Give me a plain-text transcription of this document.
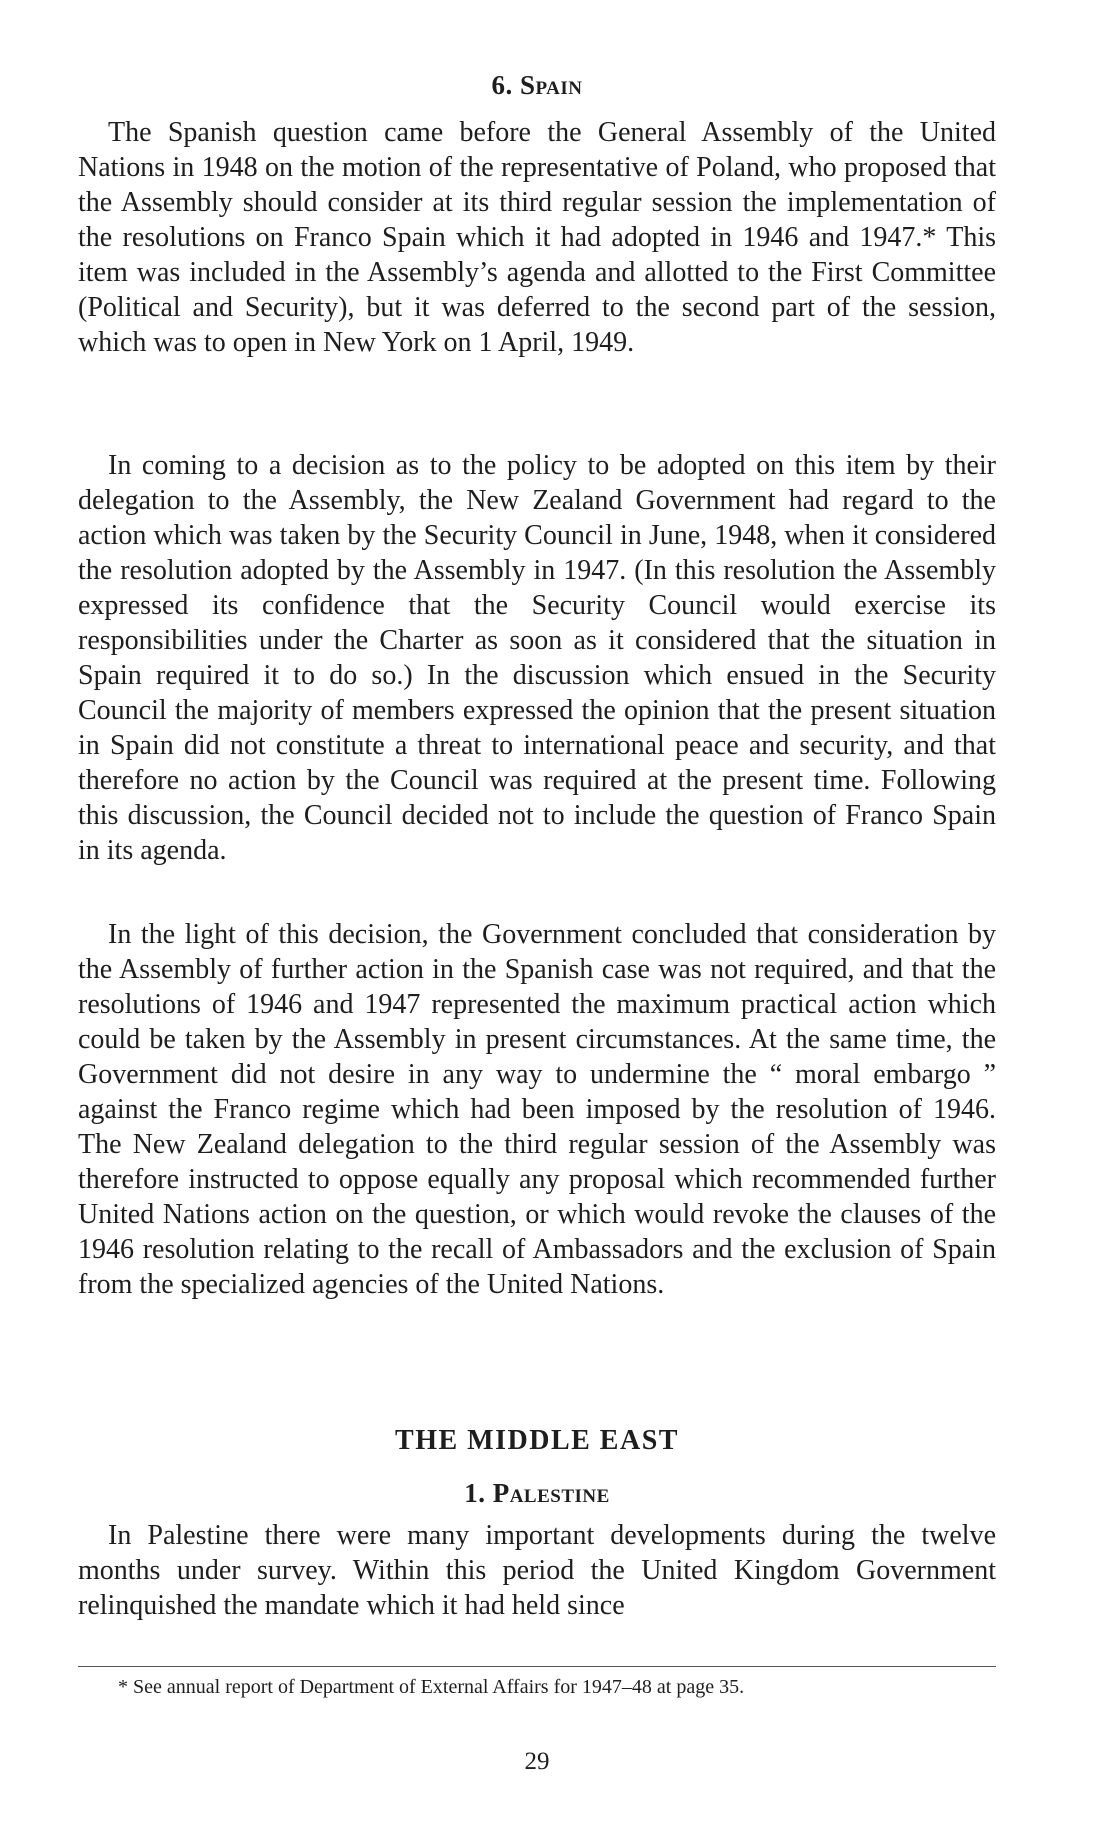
6. Spain

The Spanish question came before the General Assembly of the United Nations in 1948 on the motion of the representative of Poland, who proposed that the Assembly should consider at its third regular session the implementation of the resolutions on Franco Spain which it had adopted in 1946 and 1947.* This item was included in the Assembly’s agenda and allotted to the First Committee (Political and Security), but it was deferred to the second part of the session, which was to open in New York on 1 April, 1949.

In coming to a decision as to the policy to be adopted on this item by their delegation to the Assembly, the New Zealand Government had regard to the action which was taken by the Security Council in June, 1948, when it considered the resolution adopted by the Assembly in 1947. (In this resolution the Assembly expressed its confidence that the Security Council would exercise its responsibilities under the Charter as soon as it considered that the situation in Spain required it to do so.) In the discussion which ensued in the Security Council the majority of members expressed the opinion that the present situation in Spain did not constitute a threat to international peace and security, and that therefore no action by the Council was required at the present time. Following this discussion, the Council decided not to include the question of Franco Spain in its agenda.

In the light of this decision, the Government concluded that consideration by the Assembly of further action in the Spanish case was not required, and that the resolutions of 1946 and 1947 represented the maximum practical action which could be taken by the Assembly in present circumstances. At the same time, the Government did not desire in any way to undermine the “ moral embargo ” against the Franco regime which had been imposed by the resolution of 1946. The New Zealand delegation to the third regular session of the Assembly was therefore instructed to oppose equally any proposal which recommended further United Nations action on the question, or which would revoke the clauses of the 1946 resolution relating to the recall of Ambassadors and the exclusion of Spain from the specialized agencies of the United Nations.

THE MIDDLE EAST
1. Palestine

In Palestine there were many important developments during the twelve months under survey. Within this period the United Kingdom Government relinquished the mandate which it had held since

* See annual report of Department of External Affairs for 1947–48 at page 35.

29
